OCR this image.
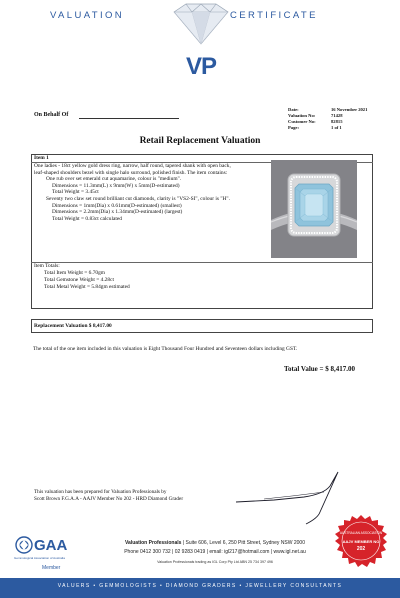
VALUATION	CERTIFICATE
VP
On Behalf Of
Date:	16 November 2021
Valuation No:	71428
Customer No:	82815
Page:	1 of 1
Retail Replacement Valuation
Item 1
One ladies - 18ct yellow gold dress ring, narrow, half round, tapered shank with open back,
leaf-shaped shoulders bezel with single halo surround, polished finish. The item contains:
One rub over set emerald cut aquamarine, colour is "medium".
Dimensions = 11.3mm(L) x 9mm(W) x 5mm(D-estimated)
Total Weight = 3.45ct
Seventy two claw set round brilliant cut diamonds, clarity is "VS2-SI", colour is "H".
Dimensions = 1mm(Dia) x 0.61mm(D-estimated) (smallest)
Dimensions = 2.2mm(Dia) x 1.34mm(D-estimated) (largest)
Total Weight = 0.83ct calculated
Item Totals:
Total Item Weight = 6.70gm
Total Gemstone Weight = 4.28ct
Total Metal Weight = 5.84gm estimated
Replacement Valuation $ 8,417.00
The total of the one item included in this valuation is Eight Thousand Four Hundred and Seventeen dollars including GST.
Total Value = $ 8,417.00
This valuation has been prepared for Valuation Professionals by
Scott Brown F.G.A.A - AAJV Member No 202 - HRD Diamond Grader
GAA
Gemmological Association of Australia
Member
Valuation Professionals | Suite 606, Level 6, 250 Pitt Street, Sydney NSW 2000
Phone 0412 300 732 | 02 9283 0419 | email: igl217@hotmail.com | www.igl.net.au
Valuation Professionals trading as IGL Corp Pty Ltd ABN 25 734 397 496
AUSTRALIAN ASSOCIATION
AAJV MEMBER NO
202
VALUERS • GEMMOLOGISTS • DIAMOND GRADERS • JEWELLERY CONSULTANTS
